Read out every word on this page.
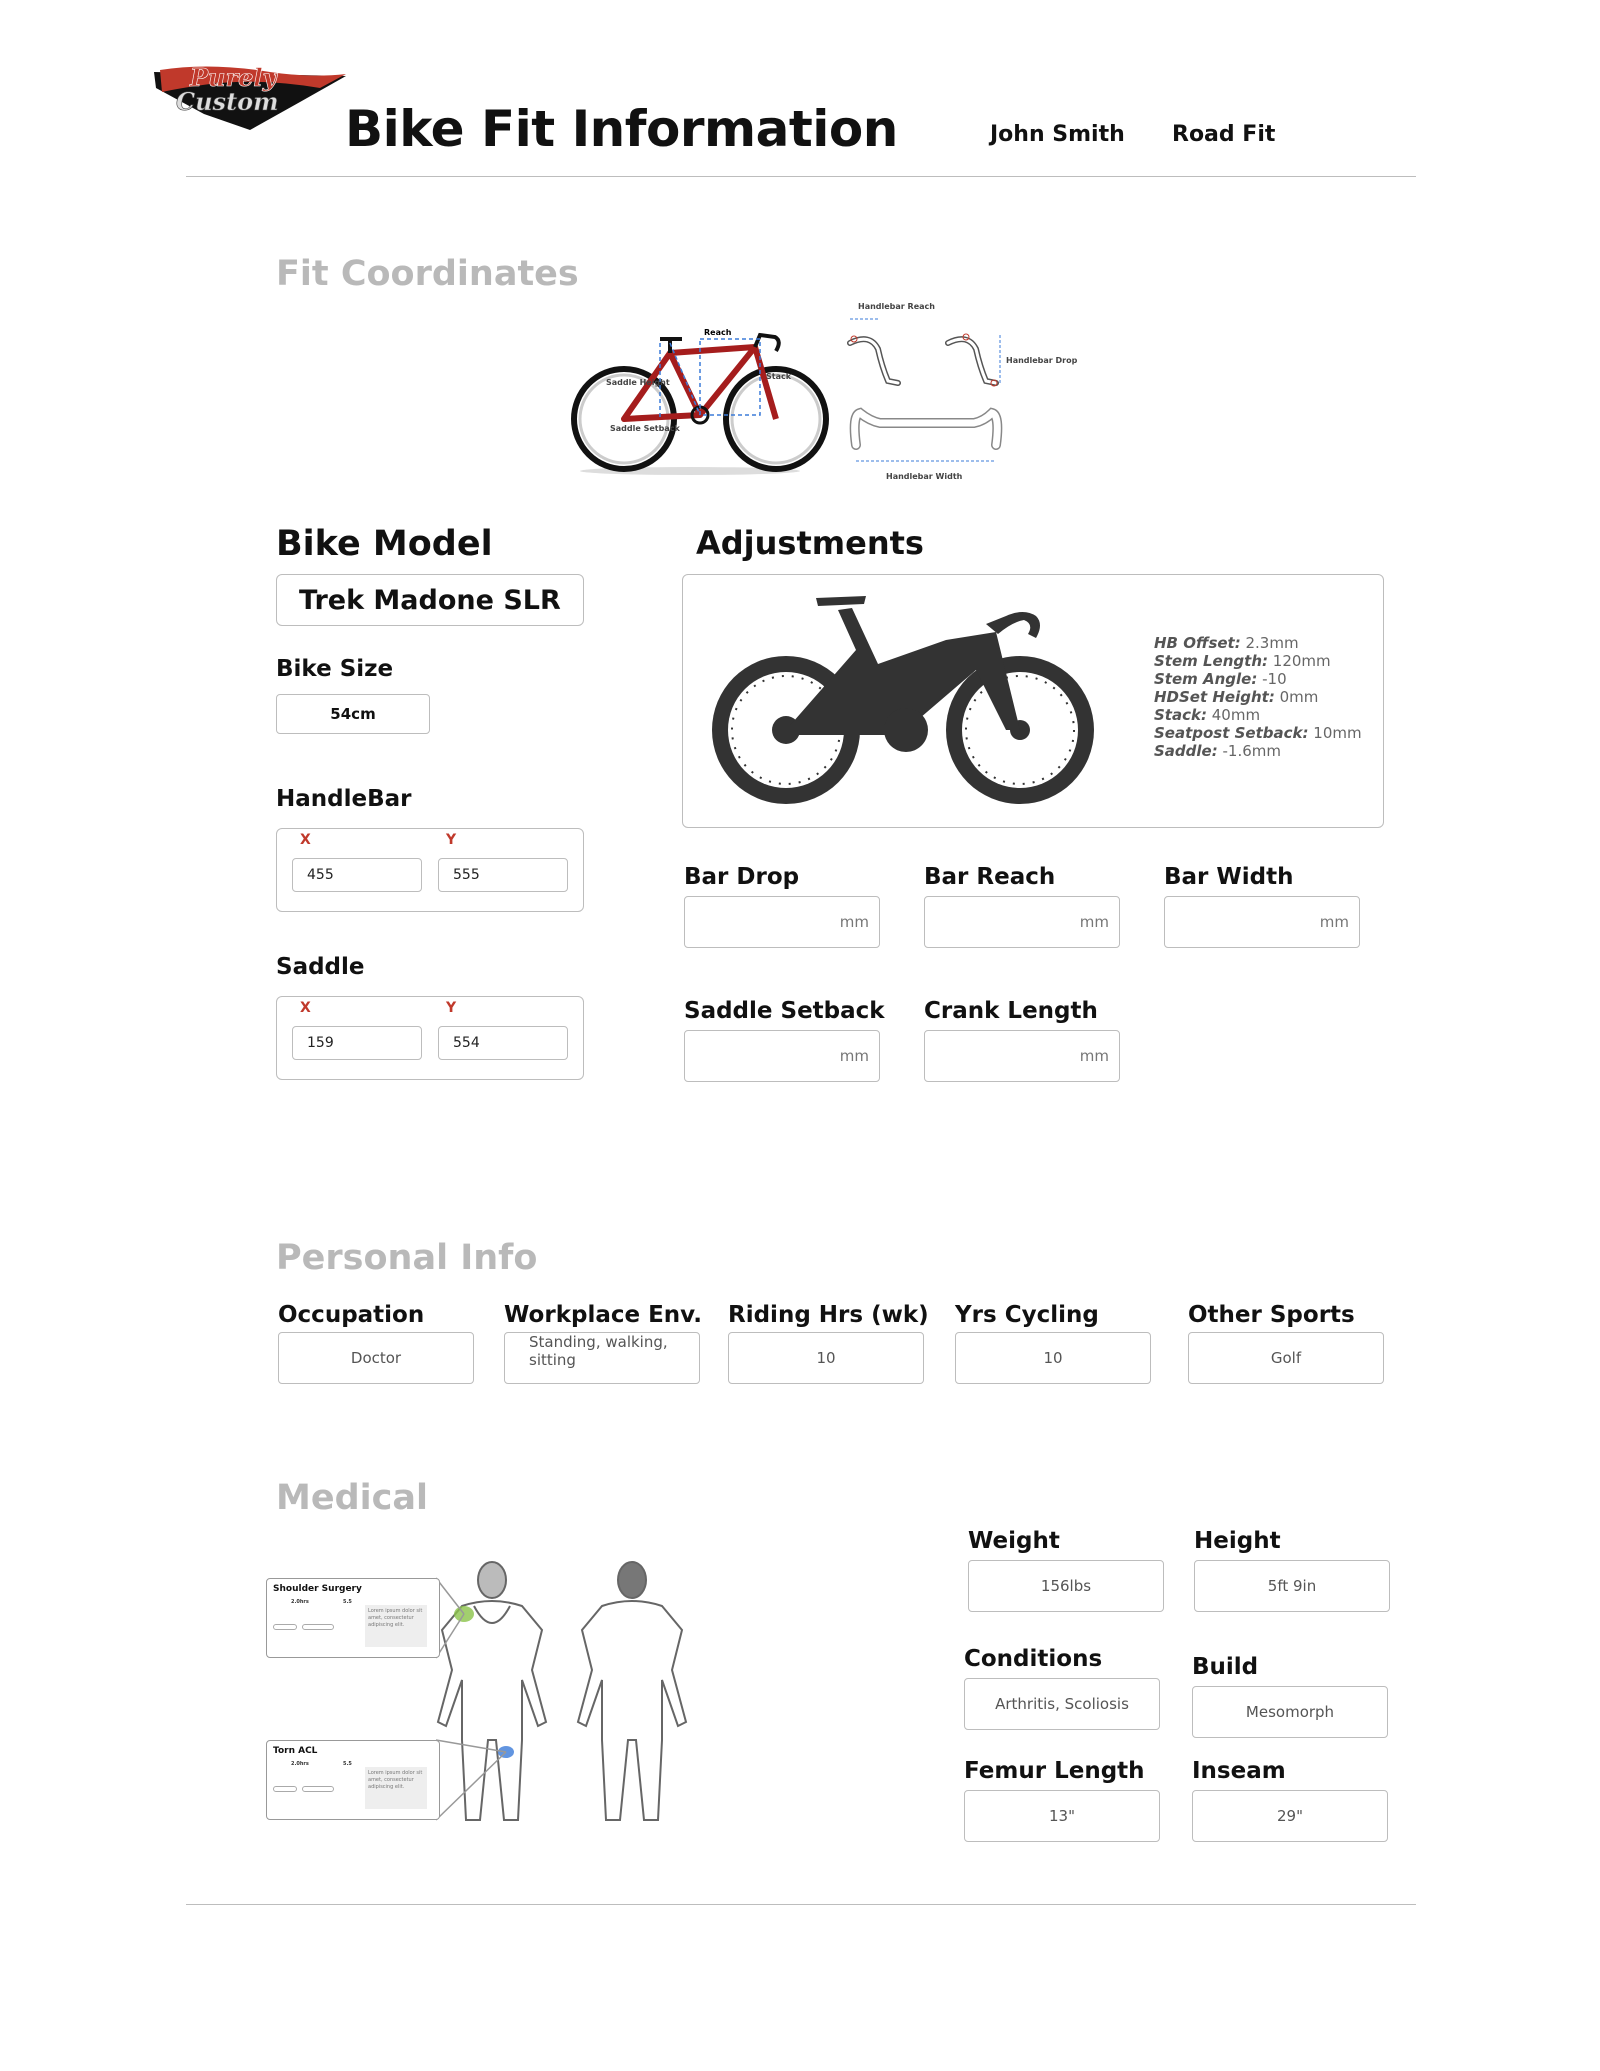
Purely
Custom Bike Fit Information	John Smith Road Fit
Fit Coordinates
Reach
Stack
Saddle Height
Saddle Setback
Handlebar Reach
Handlebar Drop
Handlebar Width
Bike Model
Trek Madone SLR
Bike Size
54cm
HandleBar
X	Y
455	555
Saddle
X	Y
159	554
Adjustments
HB Offset: 2.3mm
Stem Length: 120mm
Stem Angle: -10
HDSet Height: 0mm
Stack: 40mm
Seatpost Setback: 10mm
Saddle: -1.6mm
Bar Drop
mm
Bar Reach
mm
Bar Width
mm
Saddle Setback
mm
Crank Length
mm
Personal Info
Occupation
Doctor
Workplace Env.
Standing, walking,
sitting
Riding Hrs (wk)
10
Yrs Cycling
10
Other Sports
Golf
Medical
Shoulder Surgery
2.0hrs	5.5

Lorem ipsum dolor sit amet, consectetur adipiscing elit.
Torn ACL
2.0hrs	5.5

Lorem ipsum dolor sit amet, consectetur adipiscing elit.
Weight
156lbs
Height
5ft 9in
Conditions
Arthritis, Scoliosis
Build
Mesomorph
Femur Length
13"
Inseam
29"
